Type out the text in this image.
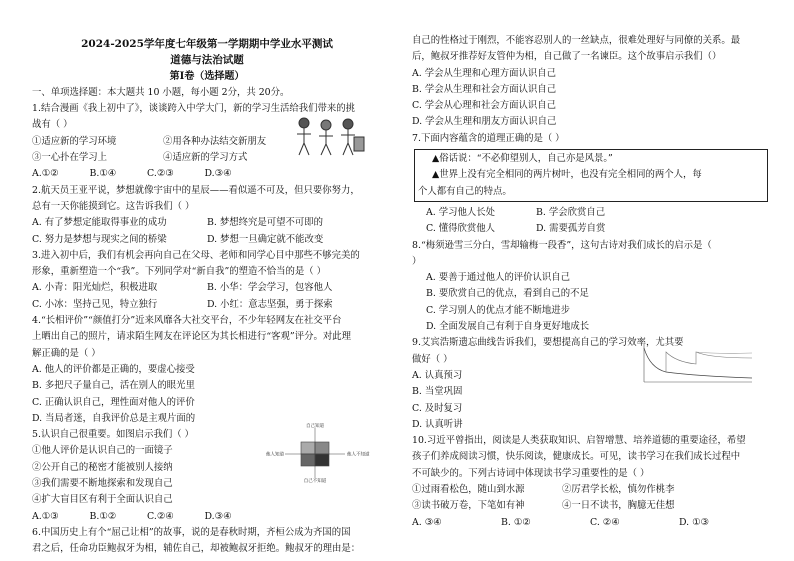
2024-2025学年度七年级第一学期期中学业水平测试
道德与法治试题
第Ⅰ卷（选择题）
一、单项选择题：本大题共 10 小题，每小题 2分，共 20分。
1.结合漫画《我上初中了》，谈谈跨入中学大门，新的学习生活给我们带来的挑
战有（ ）
①适应新的学习环境	②用各种办法结交新朋友
③一心扑在学习上	④适应新的学习方式
A.①②	B.①④	C.②③	D.③④
2.航天员王亚平说，梦想就像宇宙中的星辰——看似遥不可及，但只要你努力，
总有一天你能摸到它。这告诉我们（ ）
A. 有了梦想定能取得事业的成功	B. 梦想终究是可望不可即的
C. 努力是梦想与现实之间的桥梁	D. 梦想一旦确定就不能改变
3.进入初中后，我们有机会再向自己在父母、老师和同学心目中那些不够完美的
形象，重新塑造一个“我”。下列同学对“新自我”的塑造不恰当的是（ ）
A. 小青：阳光灿烂，积极进取	B. 小华：学会学习，包容他人
C. 小冰：坚持己见，特立独行	D. 小红：意志坚强，勇于探索
4.“长相评价”“颜值打分”近来风靡各大社交平台，不少年轻网友在社交平台
上晒出自己的照片，请求陌生网友在评论区为其长相进行“客观”评分。对此理
解正确的是（ ）
A. 他人的评价都是正确的，要虚心接受
B. 多把尺子量自己，活在别人的眼光里
C. 正确认识自己，理性面对他人的评价
D. 当局者迷，自我评价总是主观片面的
5.认识自己很重要。如图启示我们（ ）
①他人评价是认识自己的一面镜子
②公开自己的秘密才能被别人接纳
③我们需要不断地探索和发现自己
④扩大盲目区有利于全面认识自己
A.①③	B.①②	C.②④	D.③④
6.中国历史上有个“屈己让相”的故事，说的是春秋时期，齐桓公成为齐国的国
君之后，任命功臣鲍叔牙为相，辅佐自己，却被鲍叔牙拒绝。鲍叔牙的理由是：
自己知道
自己不知道
他人知道	他人不知道
自己的性格过于刚烈，不能容忍别人的一丝缺点，很难处理好与同僚的关系。最
后，鲍叔牙推荐好友管仲为相，自己做了一名谏臣。这个故事启示我们（）
A. 学会从生理和心理方面认识自己
B. 学会从生理和社会方面认识自己
C. 学会从心理和社会方面认识自己
D. 学会从生理和朋友方面认识自己
7.下面内容蕴含的道理正确的是（ ）
▲俗话说：“不必仰望别人，自己亦是风景。”
▲世界上没有完全相同的两片树叶，也没有完全相同的两个人，每
个人都有自己的特点。
A. 学习他人长处	B. 学会欣赏自己
C. 懂得欣赏他人	D. 需要孤芳自赏
8.“梅须逊雪三分白，雪却输梅一段香”，这句古诗对我们成长的启示是（
）
A. 要善于通过他人的评价认识自己
B. 要欣赏自己的优点，看到自己的不足
C. 学习别人的优点才能不断地进步
D. 全面发展自己有利于自身更好地成长
9.艾宾浩斯遗忘曲线告诉我们，要想提高自己的学习效率，尤其要
做好（ ）
A. 认真预习
B. 当堂巩固
C. 及时复习
D. 认真听讲
10.习近平曾指出，阅读是人类获取知识、启智增慧、培养道德的重要途径，希望
孩子们养成阅读习惯，快乐阅读，健康成长。可见，读书学习在我们成长过程中
不可缺少的。下列古诗词中体现读书学习重要性的是（ ）
①过雨看松色，随山到水源	②厉君学长松，慎勿作桃李
③读书破万卷，下笔如有神	④一日不读书，胸臆无佳想
A. ③④	B. ①②	C. ②④	D. ①③
